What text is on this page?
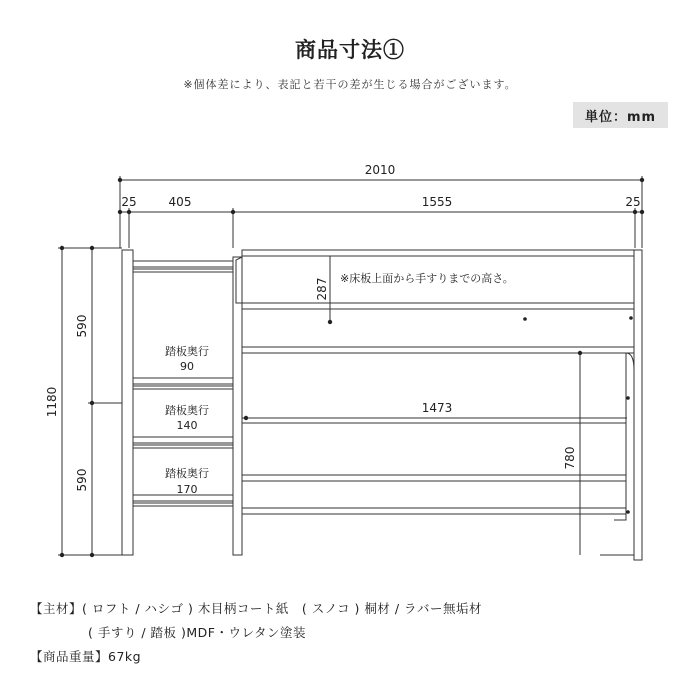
商品寸法①
※個体差により、表記と若干の差が生じる場合がございます。
単位：mm
2010
25	405	1555	25
1473
1180
590
590
287
780
※床板上面から手すりまでの高さ。
踏板奥行
90
踏板奥行
140
踏板奥行
170
【主材】( ロフト / ハシゴ ) 木目柄コート紙　( スノコ ) 桐材 / ラバー無垢材
( 手すり / 踏板 )MDF・ウレタン塗装
【商品重量】67kg
